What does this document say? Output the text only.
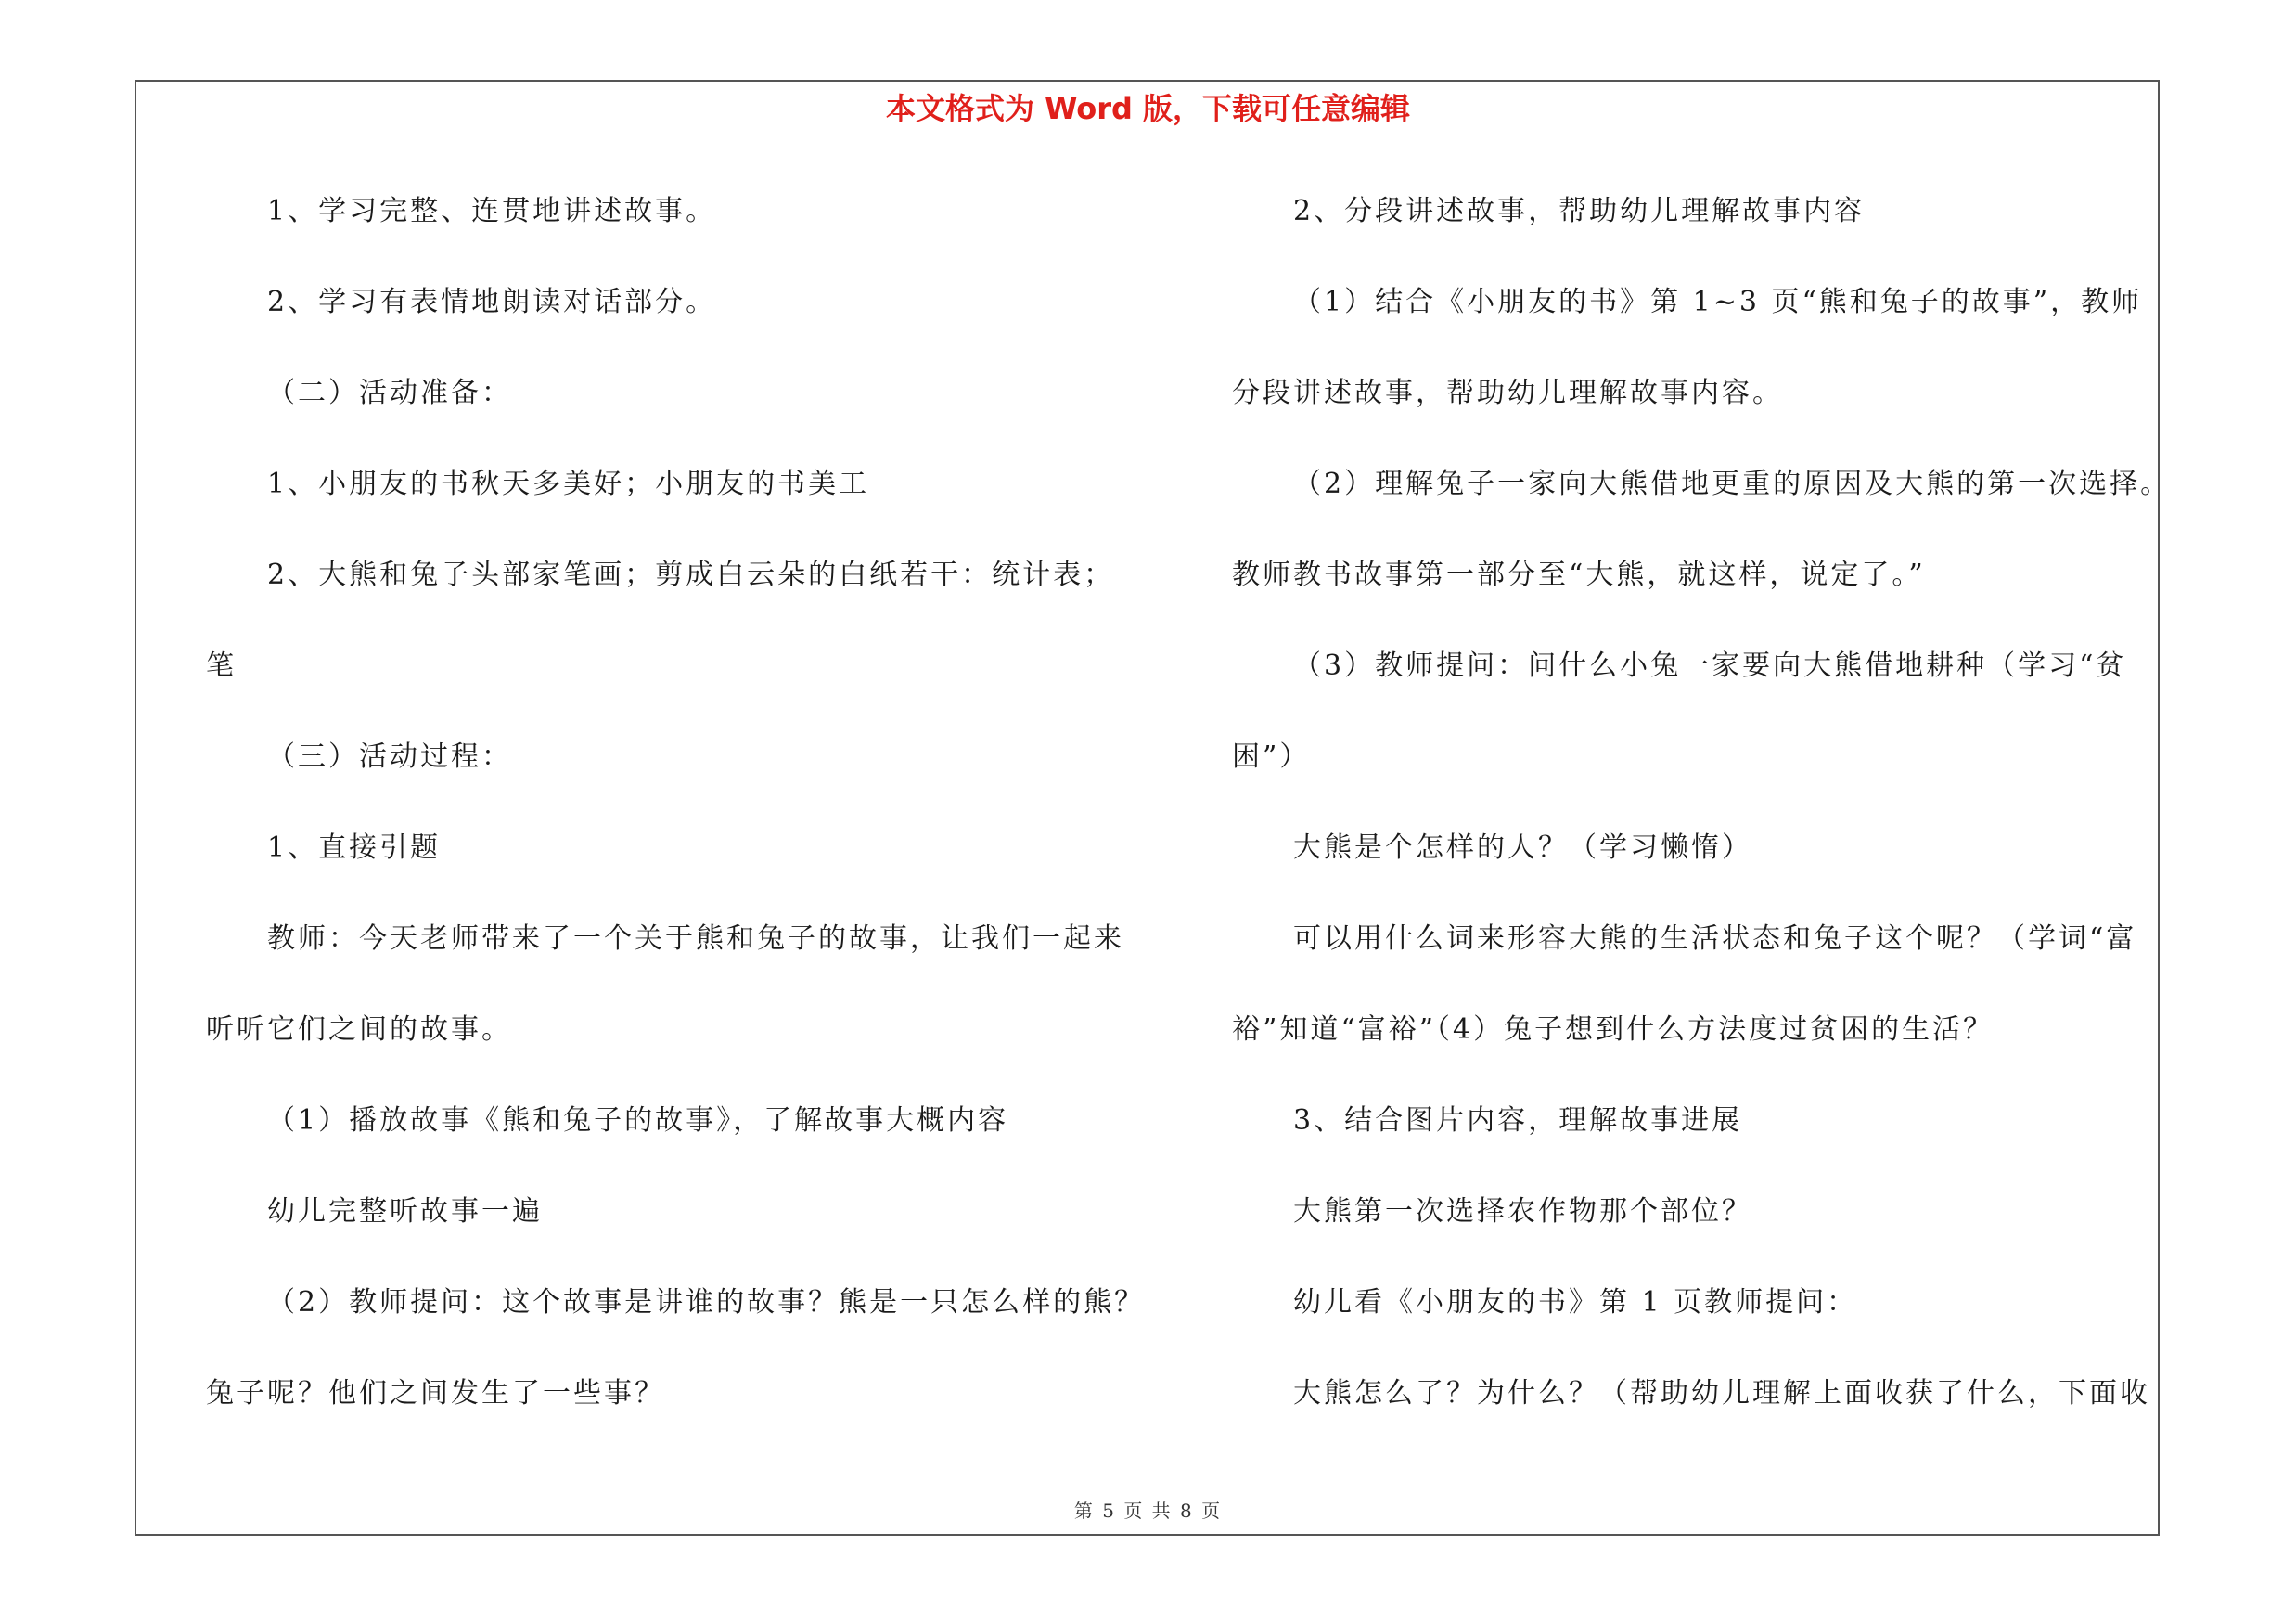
本文格式为 Word 版，下载可任意编辑
1、学习完整、连贯地讲述故事。
2、学习有表情地朗读对话部分。
（二）活动准备：
1、小朋友的书秋天多美好；小朋友的书美工
2、大熊和兔子头部家笔画；剪成白云朵的白纸若干：统计表；
笔
（三）活动过程：
1、直接引题
教师：今天老师带来了一个关于熊和兔子的故事，让我们一起来
听听它们之间的故事。
（1）播放故事《熊和兔子的故事》，了解故事大概内容
幼儿完整听故事一遍
（2）教师提问：这个故事是讲谁的故事？熊是一只怎么样的熊？
兔子呢？他们之间发生了一些事？
2、分段讲述故事，帮助幼儿理解故事内容
（1）结合《小朋友的书》第 1~3 页“熊和兔子的故事”，教师
分段讲述故事，帮助幼儿理解故事内容。
（2）理解兔子一家向大熊借地更重的原因及大熊的第一次选择。
教师教书故事第一部分至“大熊，就这样，说定了。”
（3）教师提问：问什么小兔一家要向大熊借地耕种（学习“贫
困”）
大熊是个怎样的人？（学习懒惰）
可以用什么词来形容大熊的生活状态和兔子这个呢？（学词“富
裕”知道“富裕”（4）兔子想到什么方法度过贫困的生活？
3、结合图片内容，理解故事进展
大熊第一次选择农作物那个部位？
幼儿看《小朋友的书》第 1 页教师提问：
大熊怎么了？为什么？（帮助幼儿理解上面收获了什么，下面收
第 5 页 共 8 页
